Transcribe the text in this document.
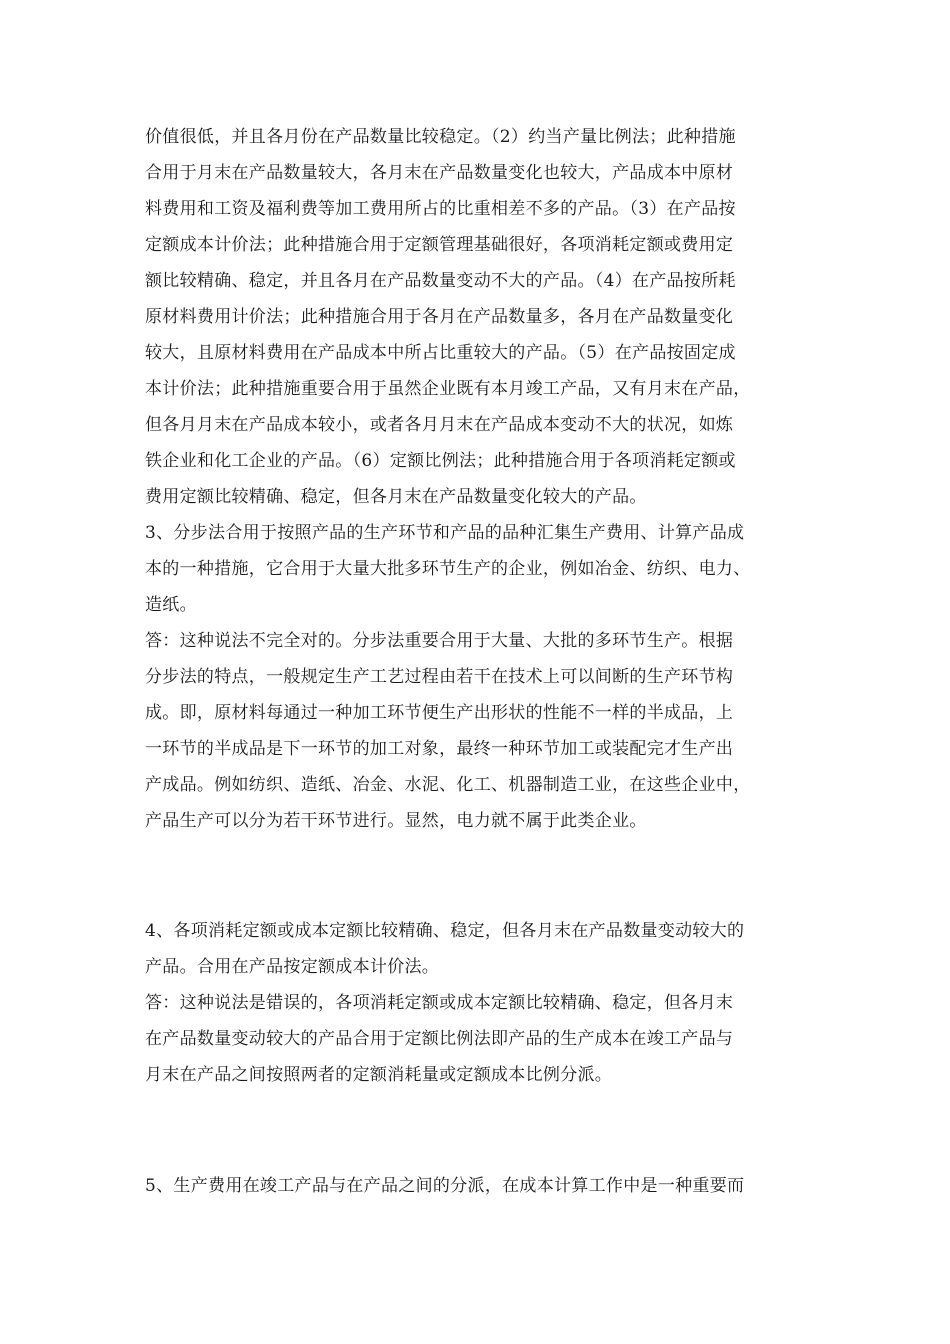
价值很低，并且各月份在产品数量比较稳定。（2）约当产量比例法；此种措施
合用于月末在产品数量较大，各月末在产品数量变化也较大，产品成本中原材
料费用和工资及福利费等加工费用所占的比重相差不多的产品。（3）在产品按
定额成本计价法；此种措施合用于定额管理基础很好，各项消耗定额或费用定
额比较精确、稳定，并且各月在产品数量变动不大的产品。（4）在产品按所耗
原材料费用计价法；此种措施合用于各月在产品数量多，各月在产品数量变化
较大，且原材料费用在产品成本中所占比重较大的产品。（5）在产品按固定成
本计价法；此种措施重要合用于虽然企业既有本月竣工产品，又有月末在产品，
但各月月末在产品成本较小，或者各月月末在产品成本变动不大的状况，如炼
铁企业和化工企业的产品。（6）定额比例法；此种措施合用于各项消耗定额或
费用定额比较精确、稳定，但各月末在产品数量变化较大的产品。
3、分步法合用于按照产品的生产环节和产品的品种汇集生产费用、计算产品成
本的一种措施，它合用于大量大批多环节生产的企业，例如冶金、纺织、电力、
造纸。
答：这种说法不完全对的。分步法重要合用于大量、大批的多环节生产。根据
分步法的特点，一般规定生产工艺过程由若干在技术上可以间断的生产环节构
成。即，原材料每通过一种加工环节便生产出形状的性能不一样的半成品，上
一环节的半成品是下一环节的加工对象，最终一种环节加工或装配完才生产出
产成品。例如纺织、造纸、冶金、水泥、化工、机器制造工业，在这些企业中，
产品生产可以分为若干环节进行。显然，电力就不属于此类企业。
4、各项消耗定额或成本定额比较精确、稳定，但各月末在产品数量变动较大的
产品。合用在产品按定额成本计价法。
答：这种说法是错误的，各项消耗定额或成本定额比较精确、稳定，但各月末
在产品数量变动较大的产品合用于定额比例法即产品的生产成本在竣工产品与
月末在产品之间按照两者的定额消耗量或定额成本比例分派。
5、生产费用在竣工产品与在产品之间的分派，在成本计算工作中是一种重要而
